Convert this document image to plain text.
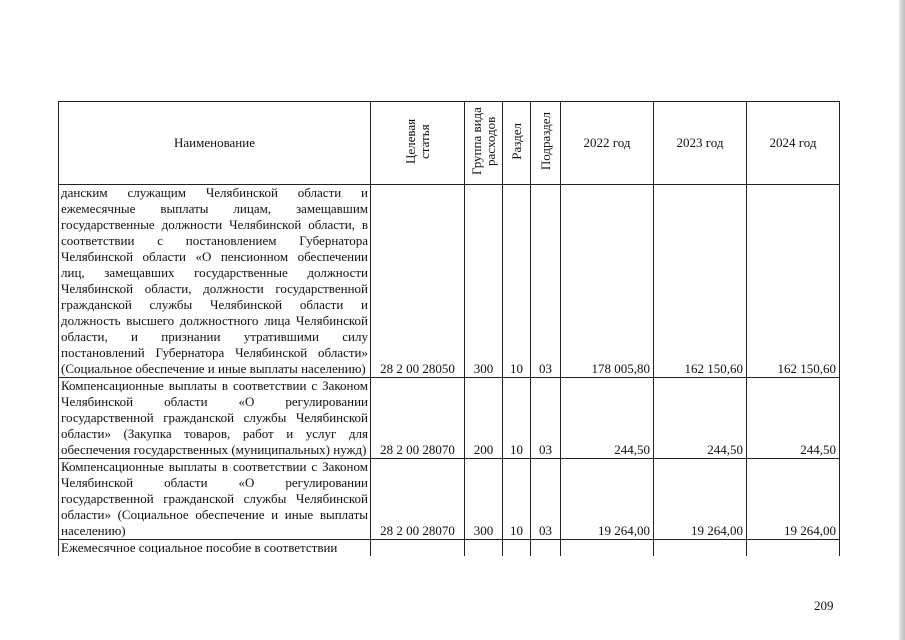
Наименование	Целевая статья	Группа вида расходов	Раздел	Подраздел	2022 год	2023 год	2024 год
данским служащим Челябинской области и ежемесячные выплаты лицам, замещавшим государственные должности Челябинской области, в соответствии с постановлением Губернатора Челябинской области «О пенсионном обеспечении лиц, замещавших государственные должности Челябинской области, должности государственной гражданской службы Челябинской области и должность высшего должностного лица Челябинской области, и признании утратившими силу постановлений Губернатора Челябинской области» (Социальное обеспечение и иные выплаты населению)	28 2 00 28050	300	10	03	178 005,80	162 150,60	162 150,60
Компенсационные выплаты в соответствии с Законом Челябинской области «О регулировании государственной гражданской службы Челябинской области» (Закупка товаров, работ и услуг для обеспечения государственных (муниципальных) нужд)	28 2 00 28070	200	10	03	244,50	244,50	244,50
Компенсационные выплаты в соответствии с Законом Челябинской области «О регулировании государственной гражданской службы Челябинской области» (Социальное обеспечение и иные выплаты населению)	28 2 00 28070	300	10	03	19 264,00	19 264,00	19 264,00
Ежемесячное социальное пособие в соответствии							
209
